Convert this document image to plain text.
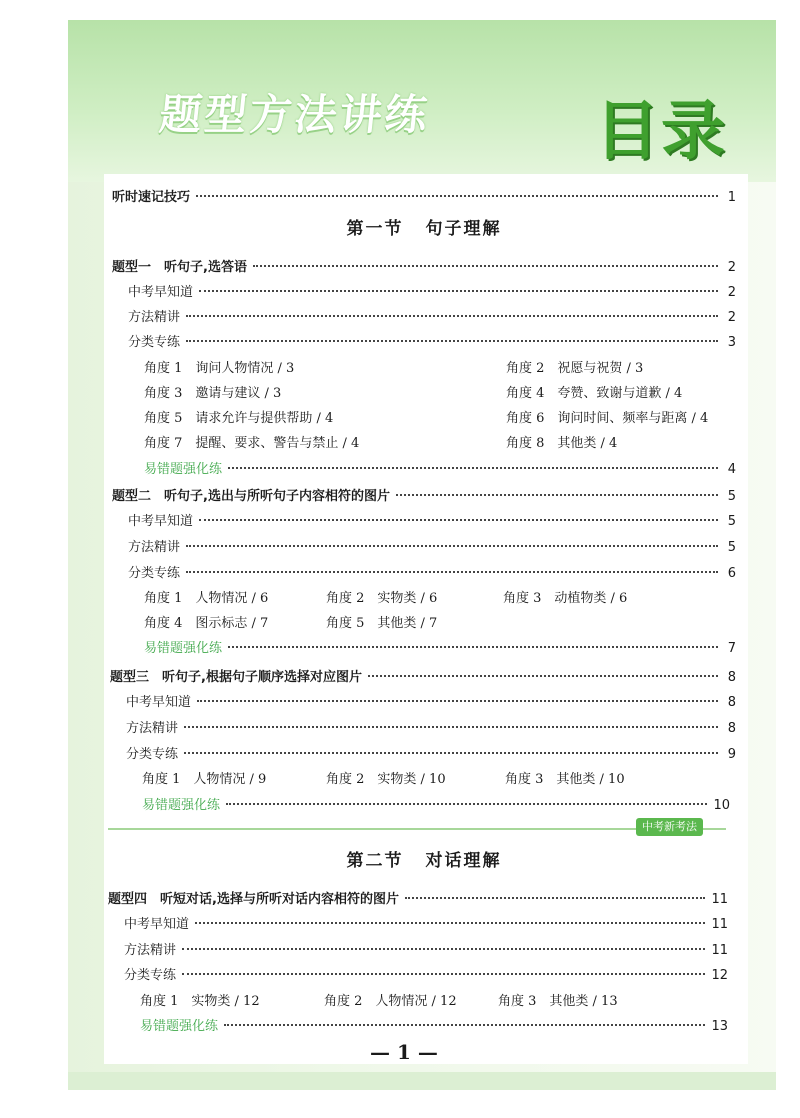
题型方法讲练	目录
听时速记技巧	1
第一节 句子理解
题型一　听句子,选答语	2
中考早知道	2
方法精讲	2
分类专练	3
角度 1　询问人物情况 / 3	角度 2　祝愿与祝贺 / 3
角度 3　邀请与建议 / 3	角度 4　夸赞、致谢与道歉 / 4
角度 5　请求允许与提供帮助 / 4	角度 6　询问时间、频率与距离 / 4
角度 7　提醒、要求、警告与禁止 / 4	角度 8　其他类 / 4
易错题强化练	4
题型二　听句子,选出与所听句子内容相符的图片	5
中考早知道	5
方法精讲	5
分类专练	6
角度 1　人物情况 / 6	角度 2　实物类 / 6	角度 3　动植物类 / 6
角度 4　图示标志 / 7	角度 5　其他类 / 7
易错题强化练	7
题型三　听句子,根据句子顺序选择对应图片	8
中考早知道	8
方法精讲	8
分类专练	9
角度 1　人物情况 / 9	角度 2　实物类 / 10	角度 3　其他类 / 10
易错题强化练	10
中考新考法
第二节 对话理解
题型四　听短对话,选择与所听对话内容相符的图片	11
中考早知道	11
方法精讲	11
分类专练	12
角度 1　实物类 / 12	角度 2　人物情况 / 12	角度 3　其他类 / 13
易错题强化练	13
— 1 —
